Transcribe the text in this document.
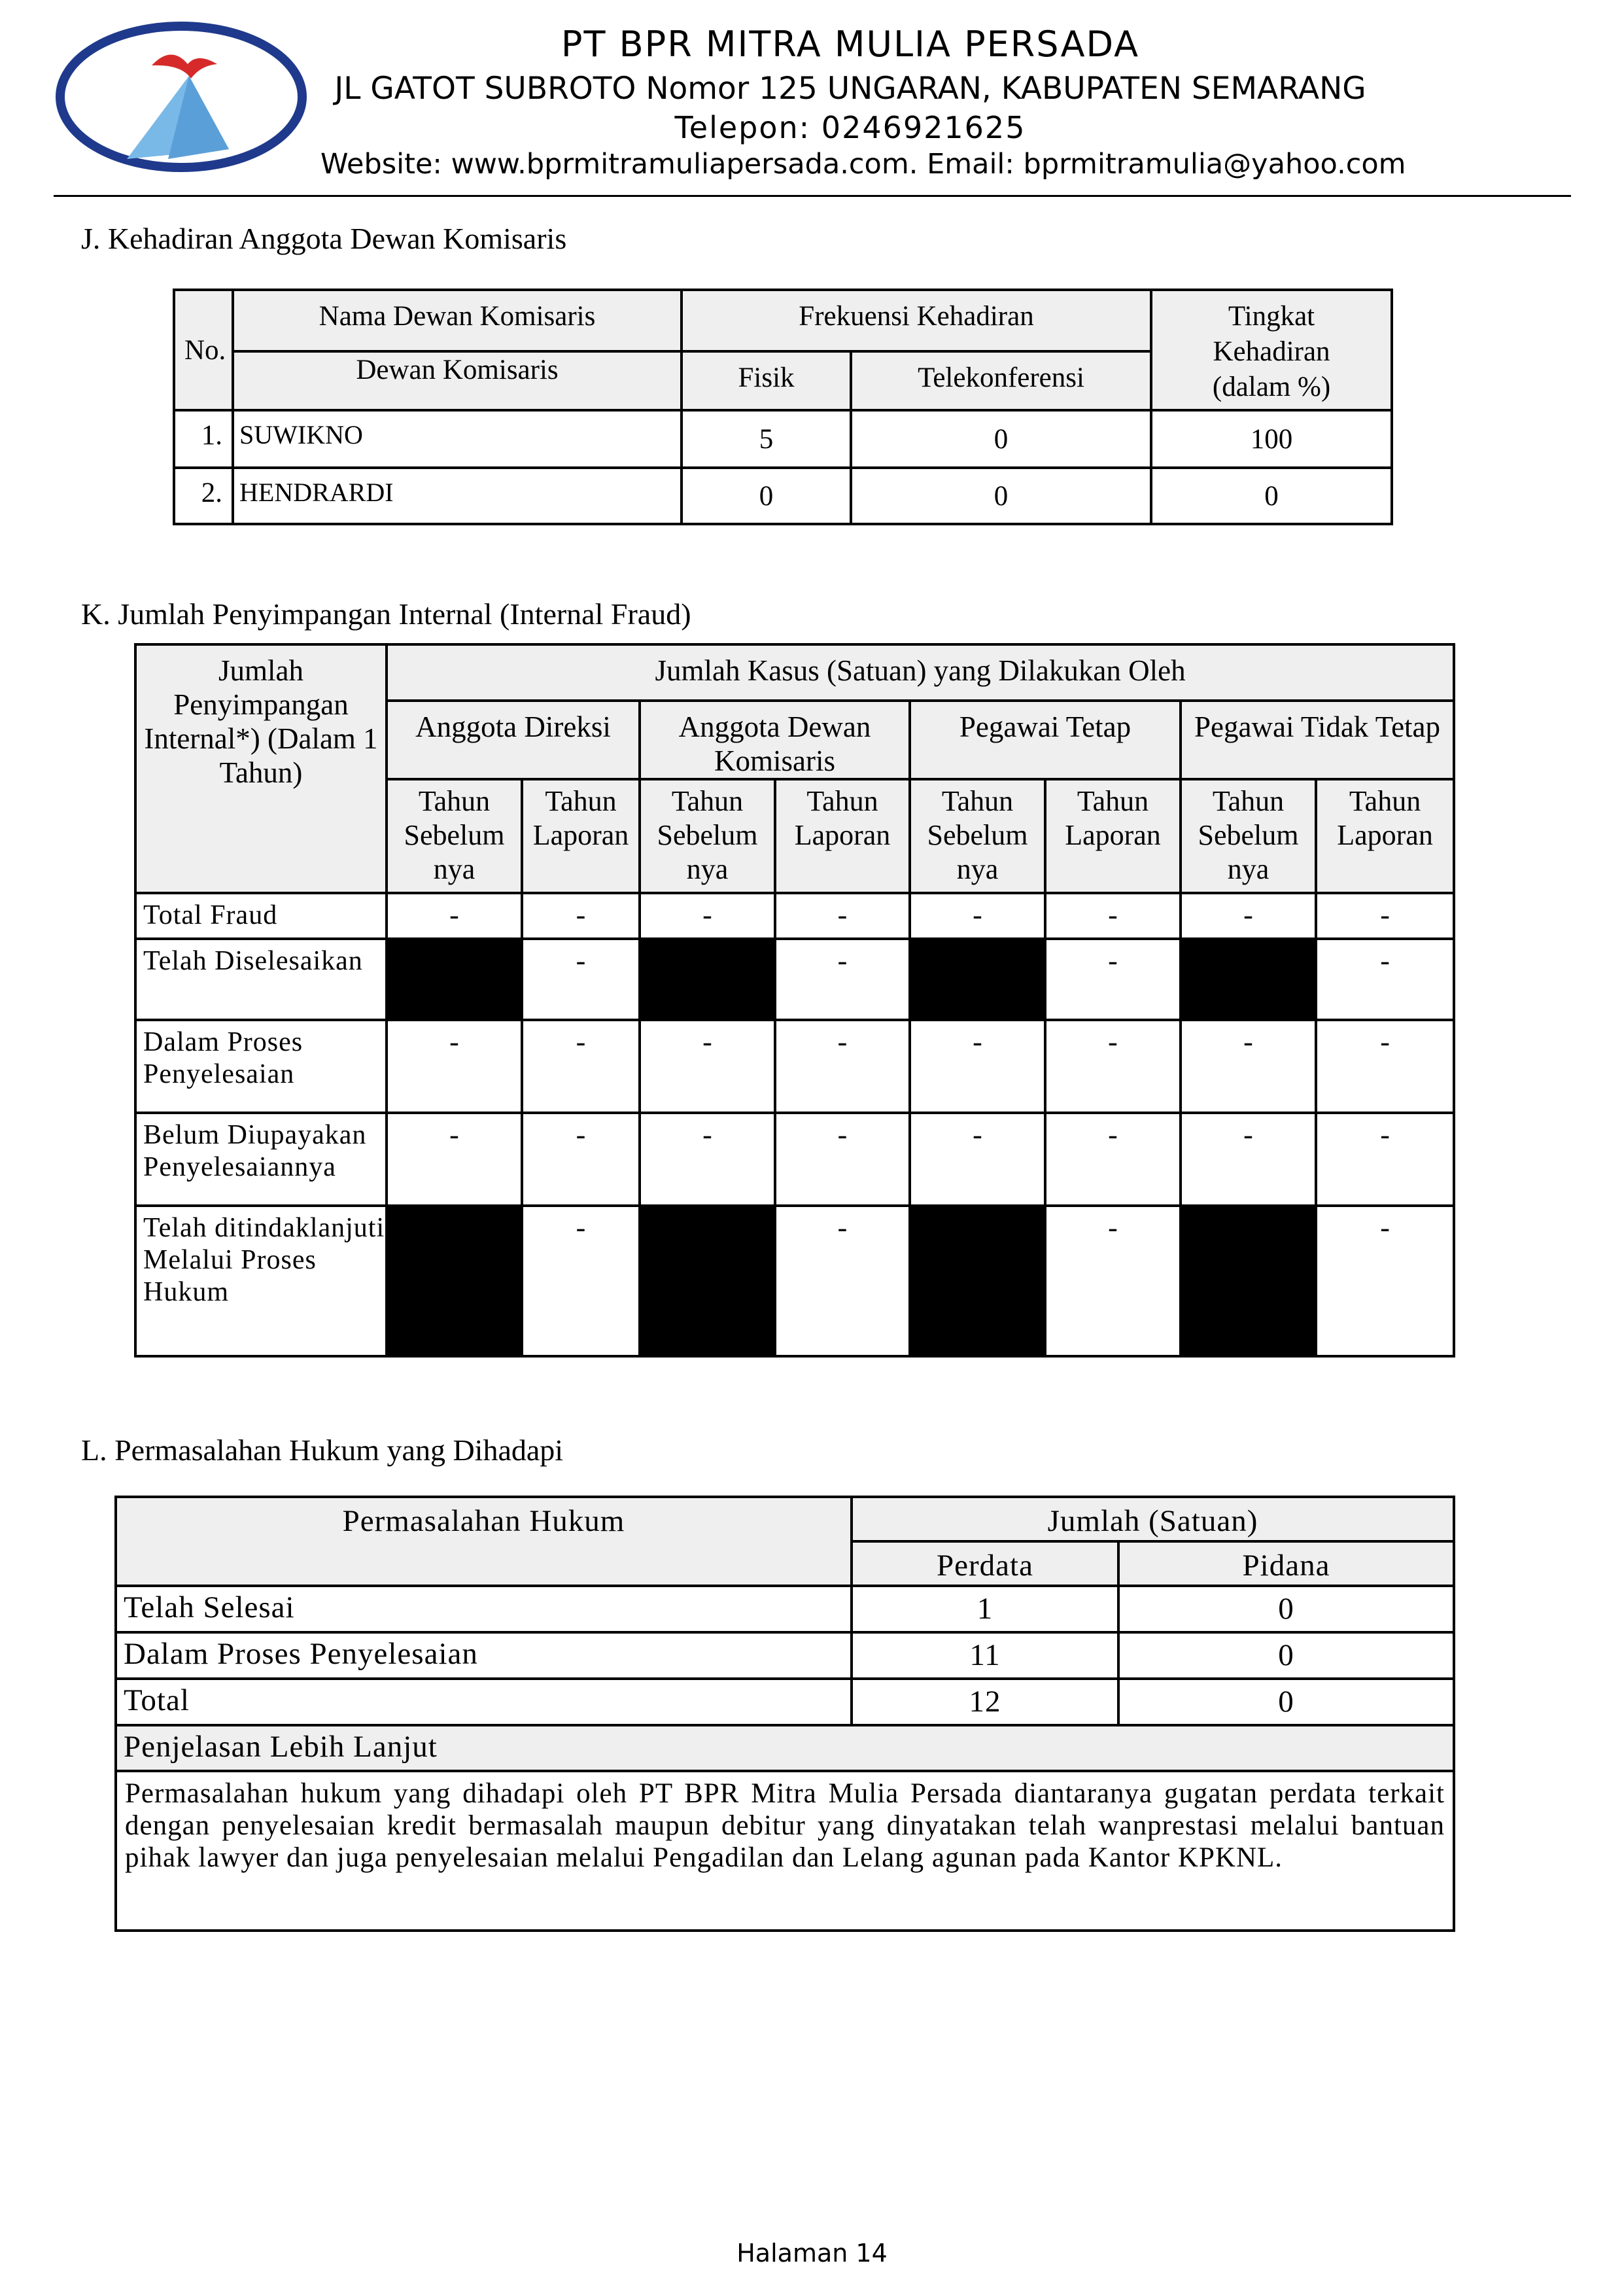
PT BPR MITRA MULIA PERSADA
JL GATOT SUBROTO Nomor 125 UNGARAN, KABUPATEN SEMARANG
Telepon: 0246921625
Website: www.bprmitramuliapersada.com. Email: bprmitramulia@yahoo.com
J. Kehadiran Anggota Dewan Komisaris
No.	Nama Dewan Komisaris	Frekuensi Kehadiran		Tingkat Kehadiran (dalam %)
	Dewan Komisaris	Fisik	Telekonferensi	
1.	SUWIKNO	5	0	100
2.	HENDRARDI	0	0	0
K. Jumlah Penyimpangan Internal (Internal Fraud)
Jumlah Penyimpangan Internal*) (Dalam 1 Tahun)	Jumlah Kasus (Satuan) yang Dilakukan Oleh							
	Anggota Direksi		Anggota Dewan Komisaris		Pegawai Tetap		Pegawai Tidak Tetap	
	Tahun Sebelum nya	Tahun Laporan	Tahun Sebelum nya	Tahun Laporan	Tahun Sebelum nya	Tahun Laporan	Tahun Sebelum nya	Tahun Laporan
Total Fraud	-	-	-	-	-	-	-	-
Telah Diselesaikan		-		-		-		-
Dalam Proses Penyelesaian	-	-	-	-	-	-	-	-
Belum Diupayakan Penyelesaiannya	-	-	-	-	-	-	-	-
Telah ditindaklanjuti Melalui Proses Hukum		-		-		-		-
L. Permasalahan Hukum yang Dihadapi
Permasalahan Hukum	Jumlah (Satuan)	
	Perdata	Pidana
Telah Selesai	1	0
Dalam Proses Penyelesaian	11	0
Total	12	0
Penjelasan Lebih Lanjut		
Permasalahan hukum yang dihadapi oleh PT BPR Mitra Mulia Persada diantaranya gugatan perdata terkait dengan penyelesaian kredit bermasalah maupun debitur yang dinyatakan telah wanprestasi melalui bantuan pihak lawyer dan juga penyelesaian melalui Pengadilan dan Lelang agunan pada Kantor KPKNL.		
Halaman 14
